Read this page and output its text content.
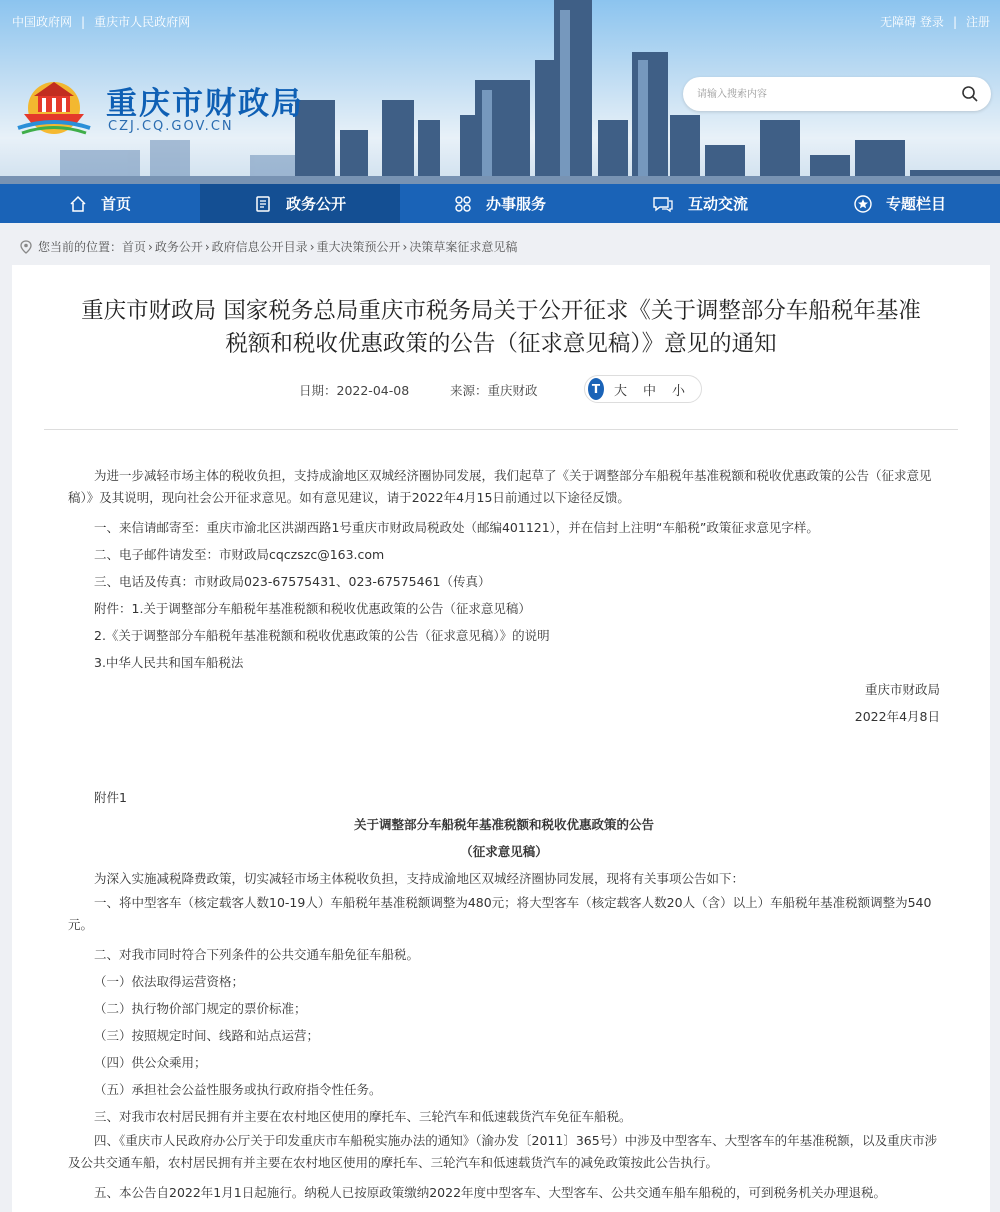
中国政府网 | 重庆市人民政府网	无障碍 登录 | 注册
重庆市财政局
CZJ.CQ.GOV.CN
请输入搜索内容
首页	政务公开	办事服务	互动交流	专题栏目
您当前的位置： 首页 › 政务公开 › 政府信息公开目录 › 重大决策预公开 › 决策草案征求意见稿
重庆市财政局 国家税务总局重庆市税务局关于公开征求《关于调整部分车船税年基准
税额和税收优惠政策的公告（征求意见稿）》意见的通知
日期：2022-04-08	来源：重庆财政	T 大 中 小
为进一步减轻市场主体的税收负担，支持成渝地区双城经济圈协同发展，我们起草了《关于调整部分车船税年基准税额和税收优惠政策的公告（征求意见稿）》及其说明，现向社会公开征求意见。如有意见建议，请于2022年4月15日前通过以下途径反馈。
一、来信请邮寄至：重庆市渝北区洪湖西路1号重庆市财政局税政处（邮编401121），并在信封上注明“车船税”政策征求意见字样。
二、电子邮件请发至：市财政局cqczszc@163.com
三、电话及传真：市财政局023-67575431、023-67575461（传真）
附件：1.关于调整部分车船税年基准税额和税收优惠政策的公告（征求意见稿）
2.《关于调整部分车船税年基准税额和税收优惠政策的公告（征求意见稿）》的说明
3.中华人民共和国车船税法
重庆市财政局
2022年4月8日
附件1
关于调整部分车船税年基准税额和税收优惠政策的公告
（征求意见稿）
为深入实施减税降费政策，切实减轻市场主体税收负担，支持成渝地区双城经济圈协同发展，现将有关事项公告如下：
一、将中型客车（核定载客人数10-19人）车船税年基准税额调整为480元；将大型客车（核定载客人数20人（含）以上）车船税年基准税额调整为540元。
二、对我市同时符合下列条件的公共交通车船免征车船税。
（一）依法取得运营资格；
（二）执行物价部门规定的票价标准；
（三）按照规定时间、线路和站点运营；
（四）供公众乘用；
（五）承担社会公益性服务或执行政府指令性任务。
三、对我市农村居民拥有并主要在农村地区使用的摩托车、三轮汽车和低速载货汽车免征车船税。
四、《重庆市人民政府办公厅关于印发重庆市车船税实施办法的通知》（渝办发〔2011〕365号）中涉及中型客车、大型客车的年基准税额，以及重庆市涉及公共交通车船，农村居民拥有并主要在农村地区使用的摩托车、三轮汽车和低速载货汽车的减免政策按此公告执行。
五、本公告自2022年1月1日起施行。纳税人已按原政策缴纳2022年度中型客车、大型客车、公共交通车船车船税的，可到税务机关办理退税。
